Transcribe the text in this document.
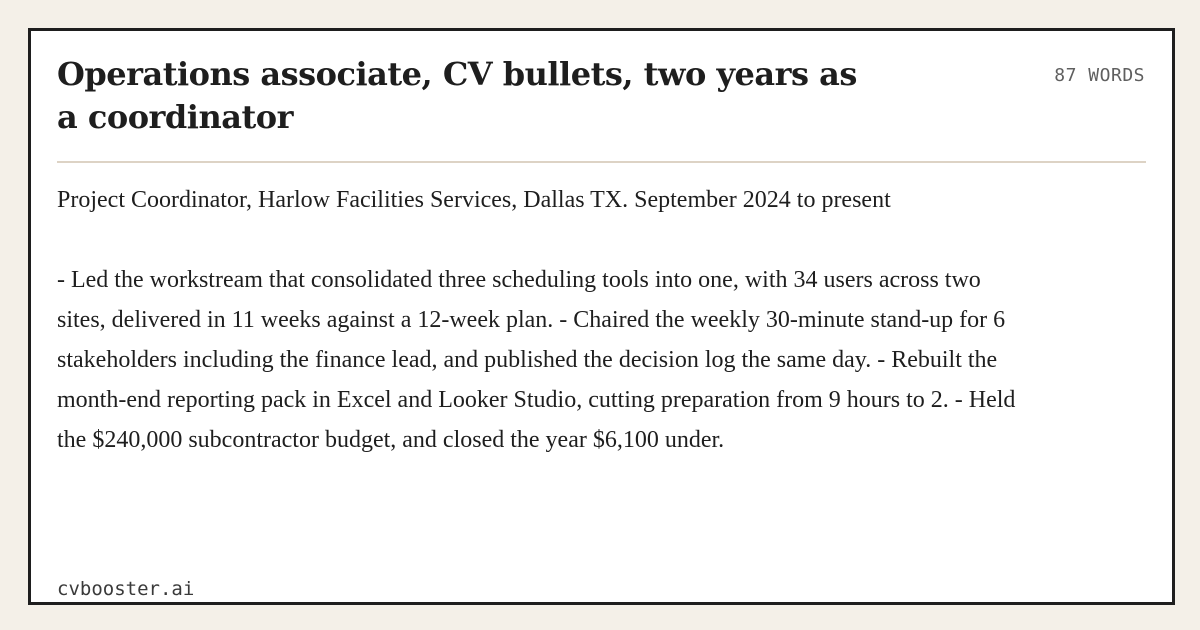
Operations associate, CV bullets, two years as a coordinator
87 WORDS

Project Coordinator, Harlow Facilities Services, Dallas TX. September 2024 to present

- Led the workstream that consolidated three scheduling tools into one, with 34 users across two sites, delivered in 11 weeks against a 12-week plan. - Chaired the weekly 30-minute stand-up for 6 stakeholders including the finance lead, and published the decision log the same day. - Rebuilt the month-end reporting pack in Excel and Looker Studio, cutting preparation from 9 hours to 2. - Held the $240,000 subcontractor budget, and closed the year $6,100 under.

cvbooster.ai
